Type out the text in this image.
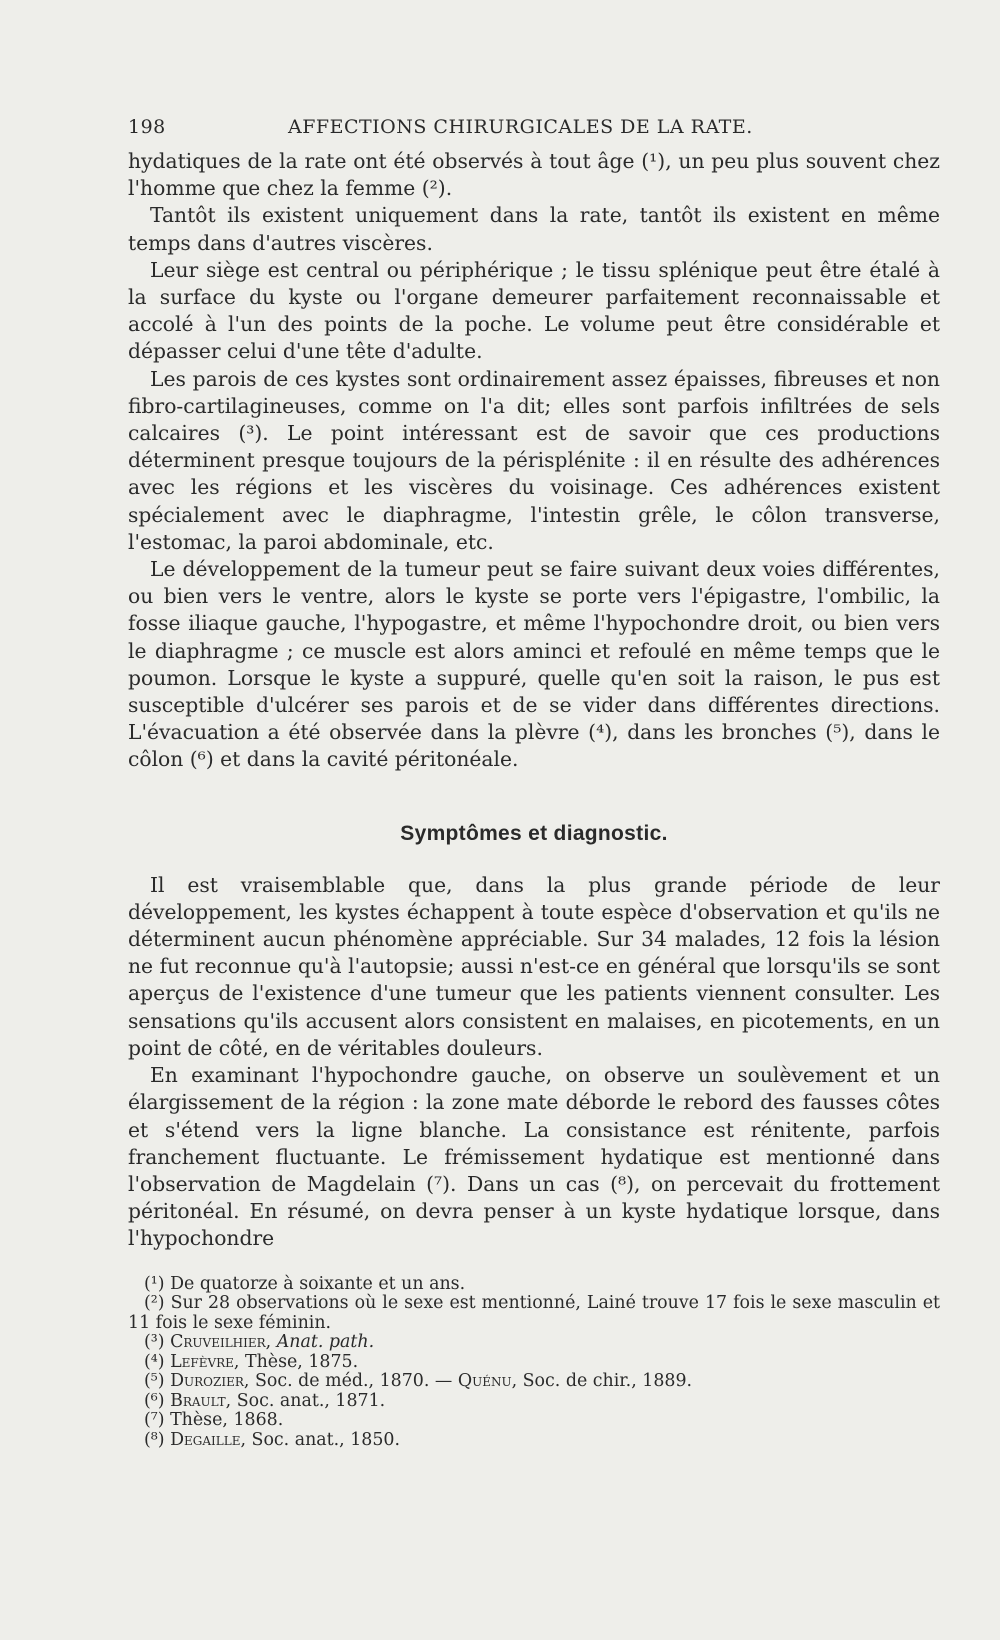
198	AFFECTIONS CHIRURGICALES DE LA RATE.

hydatiques de la rate ont été observés à tout âge (¹), un peu plus souvent chez l'homme que chez la femme (²).

Tantôt ils existent uniquement dans la rate, tantôt ils existent en même temps dans d'autres viscères.

Leur siège est central ou périphérique ; le tissu splénique peut être étalé à la surface du kyste ou l'organe demeurer parfaitement reconnaissable et accolé à l'un des points de la poche. Le volume peut être considérable et dépasser celui d'une tête d'adulte.

Les parois de ces kystes sont ordinairement assez épaisses, fibreuses et non fibro-cartilagineuses, comme on l'a dit; elles sont parfois infiltrées de sels calcaires (³). Le point intéressant est de savoir que ces productions déterminent presque toujours de la périsplénite : il en résulte des adhérences avec les régions et les viscères du voisinage. Ces adhérences existent spécialement avec le diaphragme, l'intestin grêle, le côlon transverse, l'estomac, la paroi abdominale, etc.

Le développement de la tumeur peut se faire suivant deux voies différentes, ou bien vers le ventre, alors le kyste se porte vers l'épigastre, l'ombilic, la fosse iliaque gauche, l'hypogastre, et même l'hypochondre droit, ou bien vers le diaphragme ; ce muscle est alors aminci et refoulé en même temps que le poumon. Lorsque le kyste a suppuré, quelle qu'en soit la raison, le pus est susceptible d'ulcérer ses parois et de se vider dans différentes directions. L'évacuation a été observée dans la plèvre (⁴), dans les bronches (⁵), dans le côlon (⁶) et dans la cavité péritonéale.

Symptômes et diagnostic.

Il est vraisemblable que, dans la plus grande période de leur développement, les kystes échappent à toute espèce d'observation et qu'ils ne déterminent aucun phénomène appréciable. Sur 34 malades, 12 fois la lésion ne fut reconnue qu'à l'autopsie; aussi n'est-ce en général que lorsqu'ils se sont aperçus de l'existence d'une tumeur que les patients viennent consulter. Les sensations qu'ils accusent alors consistent en malaises, en picotements, en un point de côté, en de véritables douleurs.

En examinant l'hypochondre gauche, on observe un soulèvement et un élargissement de la région : la zone mate déborde le rebord des fausses côtes et s'étend vers la ligne blanche. La consistance est rénitente, parfois franchement fluctuante. Le frémissement hydatique est mentionné dans l'observation de Magdelain (⁷). Dans un cas (⁸), on percevait du frottement péritonéal. En résumé, on devra penser à un kyste hydatique lorsque, dans l'hypochondre

(¹) De quatorze à soixante et un ans.
(²) Sur 28 observations où le sexe est mentionné, Lainé trouve 17 fois le sexe masculin et 11 fois le sexe féminin.
(³) Cruveilhier, Anat. path.
(⁴) Lefèvre, Thèse, 1875.
(⁵) Durozier, Soc. de méd., 1870. — Quénu, Soc. de chir., 1889.
(⁶) Brault, Soc. anat., 1871.
(⁷) Thèse, 1868.
(⁸) Degaille, Soc. anat., 1850.
